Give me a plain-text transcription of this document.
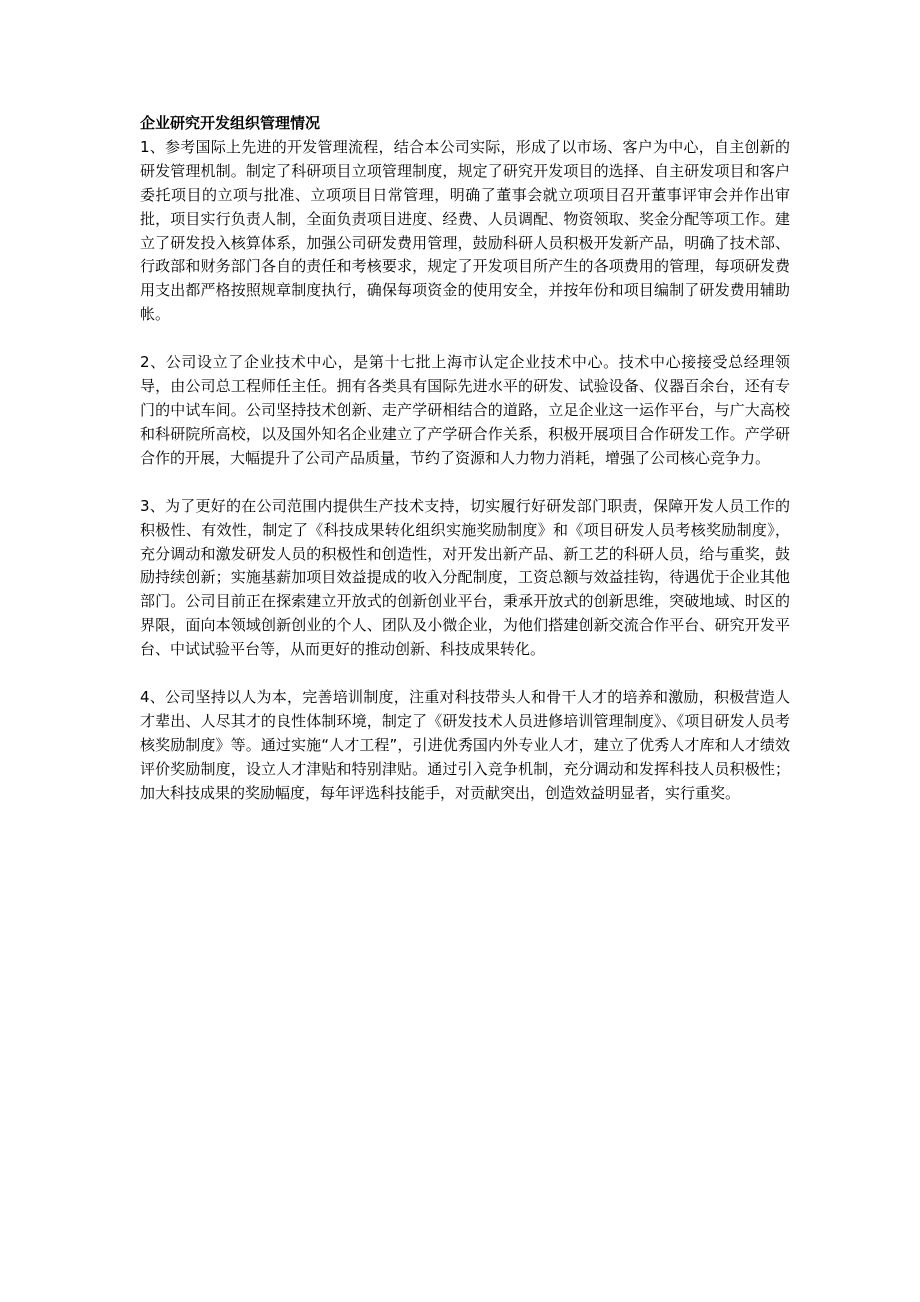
企业研究开发组织管理情况

1、参考国际上先进的开发管理流程，结合本公司实际，形成了以市场、客户为中心，自主创新的研发管理机制。制定了科研项目立项管理制度，规定了研究开发项目的选择、自主研发项目和客户委托项目的立项与批准、立项项目日常管理，明确了董事会就立项项目召开董事评审会并作出审批，项目实行负责人制，全面负责项目进度、经费、人员调配、物资领取、奖金分配等项工作。建立了研发投入核算体系，加强公司研发费用管理，鼓励科研人员积极开发新产品，明确了技术部、行政部和财务部门各自的责任和考核要求，规定了开发项目所产生的各项费用的管理，每项研发费用支出都严格按照规章制度执行，确保每项资金的使用安全，并按年份和项目编制了研发费用辅助帐。

2、公司设立了企业技术中心，是第十七批上海市认定企业技术中心。技术中心接接受总经理领导，由公司总工程师任主任。拥有各类具有国际先进水平的研发、试验设备、仪器百余台，还有专门的中试车间。公司坚持技术创新、走产学研相结合的道路，立足企业这一运作平台，与广大高校和科研院所高校，以及国外知名企业建立了产学研合作关系，积极开展项目合作研发工作。产学研合作的开展，大幅提升了公司产品质量，节约了资源和人力物力消耗，增强了公司核心竞争力。

3、为了更好的在公司范围内提供生产技术支持，切实履行好研发部门职责，保障开发人员工作的积极性、有效性，制定了《科技成果转化组织实施奖励制度》和《项目研发人员考核奖励制度》，充分调动和激发研发人员的积极性和创造性，对开发出新产品、新工艺的科研人员，给与重奖，鼓励持续创新；实施基薪加项目效益提成的收入分配制度，工资总额与效益挂钩，待遇优于企业其他部门。公司目前正在探索建立开放式的创新创业平台，秉承开放式的创新思维，突破地域、时区的界限，面向本领域创新创业的个人、团队及小微企业，为他们搭建创新交流合作平台、研究开发平台、中试试验平台等，从而更好的推动创新、科技成果转化。

4、公司坚持以人为本，完善培训制度，注重对科技带头人和骨干人才的培养和激励，积极营造人才辈出、人尽其才的良性体制环境，制定了《研发技术人员进修培训管理制度》、《项目研发人员考核奖励制度》等。通过实施“人才工程”，引进优秀国内外专业人才，建立了优秀人才库和人才绩效评价奖励制度，设立人才津贴和特别津贴。通过引入竞争机制，充分调动和发挥科技人员积极性；加大科技成果的奖励幅度，每年评选科技能手，对贡献突出，创造效益明显者，实行重奖。
